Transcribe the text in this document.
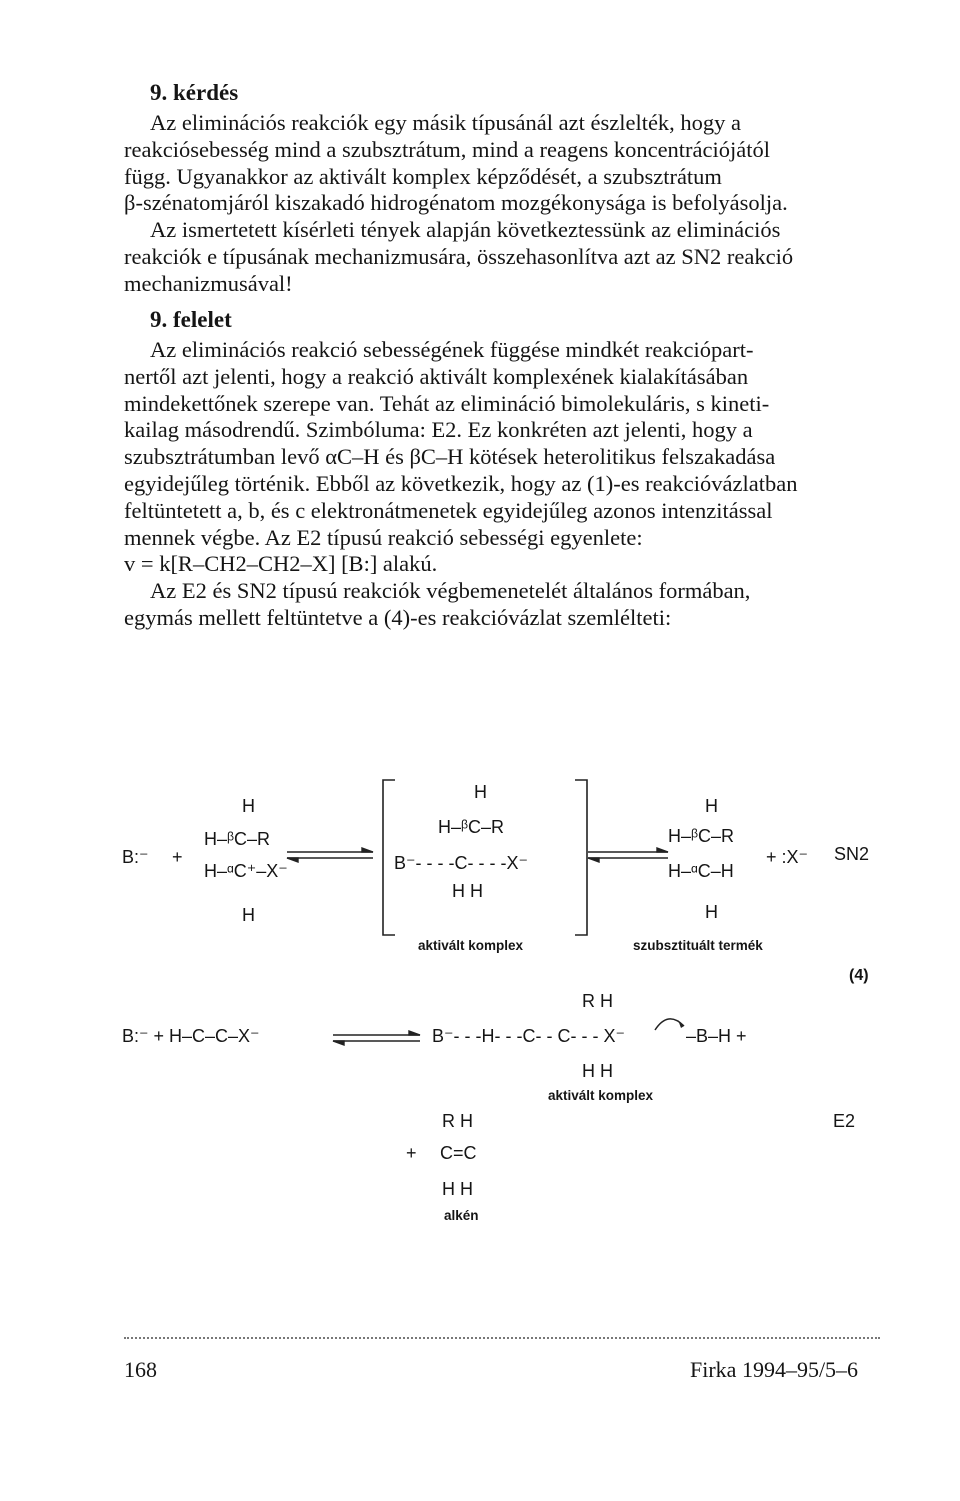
9. kérdés
Az eliminációs reakciók egy másik típusánál azt észlelték, hogy a
reakciósebesség mind a szubsztrátum, mind a reagens koncentrációjától
függ. Ugyanakkor az aktivált komplex képződését, a szubsztrátum
β-szénatomjáról kiszakadó hidrogénatom mozgékonysága is befolyásolja.
Az ismertetett kísérleti tények alapján következtessünk az eliminációs
reakciók e típusának mechanizmusára, összehasonlítva azt az SN2 reakció
mechanizmusával!
9. felelet
Az eliminációs reakció sebességének függése mindkét reakciópart-
nertől azt jelenti, hogy a reakció aktivált komplexének kialakításában
mindekettőnek szerepe van. Tehát az elimináció bimolekuláris, s kineti-
kailag másodrendű. Szimbóluma: E2. Ez konkréten azt jelenti, hogy a
szubsztrátumban levő αC–H és βC–H kötések heterolitikus felszakadása
egyidejűleg történik. Ebből az következik, hogy az (1)-es reakcióvázlatban
feltüntetett a, b, és c elektronátmenetek egyidejűleg azonos intenzitással
mennek végbe. Az E2 típusú reakció sebességi egyenlete:
v = k[R–CH2–CH2–X] [B:] alakú.
Az E2 és SN2 típusú reakciók végbemenetelét általános formában,
egymás mellett feltüntetve a (4)-es reakcióvázlat szemlélteti:
B:⁻ +
H
H–ᵝC–R
H–ᵅC⁺–X⁻
H
H
H–ᵝC–R
B⁻- - - -C- - - -X⁻
H H
H
H–ᵝC–R
H–ᵅC–H
H
+ :X⁻ SN2
aktivált komplex	szubsztituált termék
(4)
B:⁻ + H–C–C–X⁻
R H
B⁻- - -H- - -C- - C- - - X⁻
H H
–B–H +
aktivált komplex
E2
R H
+ C=C
H H
alkén
168	Firka 1994–95/5–6
